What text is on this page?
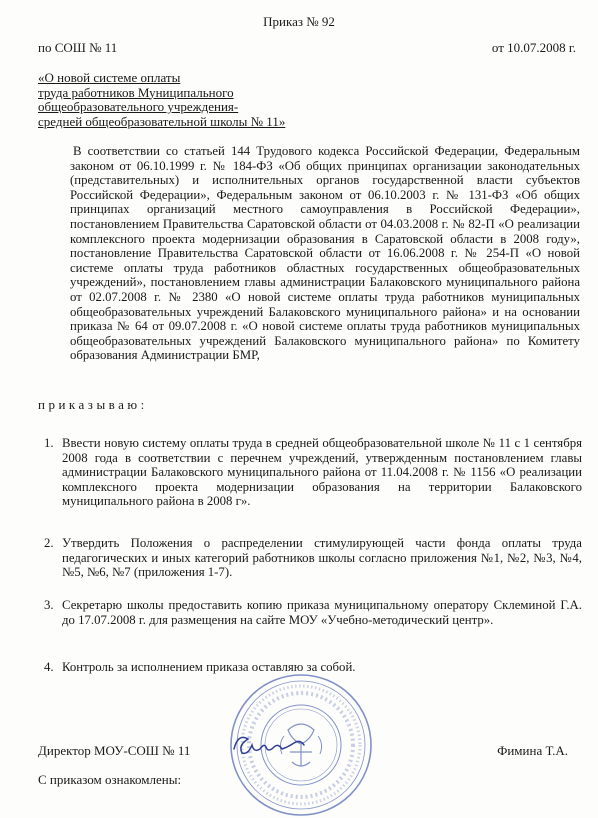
Приказ № 92
по СОШ № 11	от 10.07.2008 г.
«О новой системе оплаты
труда работников Муниципального
общеобразовательного учреждения-
средней общеобразовательной школы № 11»

В соответствии со статьей 144 Трудового кодекса Российской Федерации, Федеральным законом от 06.10.1999 г. № 184-ФЗ «Об общих принципах организации законодательных (представительных) и исполнительных органов государственной власти субъектов Российской Федерации», Федеральным законом от 06.10.2003 г. № 131-ФЗ «Об общих принципах организаций местного самоуправления в Российской Федерации», постановлением Правительства Саратовской области от 04.03.2008 г. № 82-П «О реализации комплексного проекта модернизации образования в Саратовской области в 2008 году», постановление Правительства Саратовской области от 16.06.2008 г. № 254-П «О новой системе оплаты труда работников областных государственных общеобразовательных учреждений», постановлением главы администрации Балаковского муниципального района от 02.07.2008 г. № 2380 «О новой системе оплаты труда работников муниципальных общеобразовательных учреждений Балаковского муниципального района» и на основании приказа № 64 от 09.07.2008 г. «О новой системе оплаты труда работников муниципальных общеобразовательных учреждений Балаковского муниципального района» по Комитету образования Администрации БМР,

приказываю:
1. Ввести новую систему оплаты труда в средней общеобразовательной школе № 11 с 1 сентября 2008 года в соответствии с перечнем учреждений, утвержденным постановлением главы администрации Балаковского муниципального района от 11.04.2008 г. № 1156 «О реализации комплексного проекта модернизации образования на территории Балаковского муниципального района в 2008 г».
2. Утвердить Положения о распределении стимулирующей части фонда оплаты труда педагогических и иных категорий работников школы согласно приложения №1, №2, №3, №4, №5, №6, №7 (приложения 1-7).
3. Секретарю школы предоставить копию приказа муниципальному оператору Склеминой Г.А. до 17.07.2008 г. для размещения на сайте МОУ «Учебно-методический центр».
4. Контроль за исполнением приказа оставляю за собой.
Директор МОУ-СОШ № 11	Фимина Т.А.
С приказом ознакомлены:
